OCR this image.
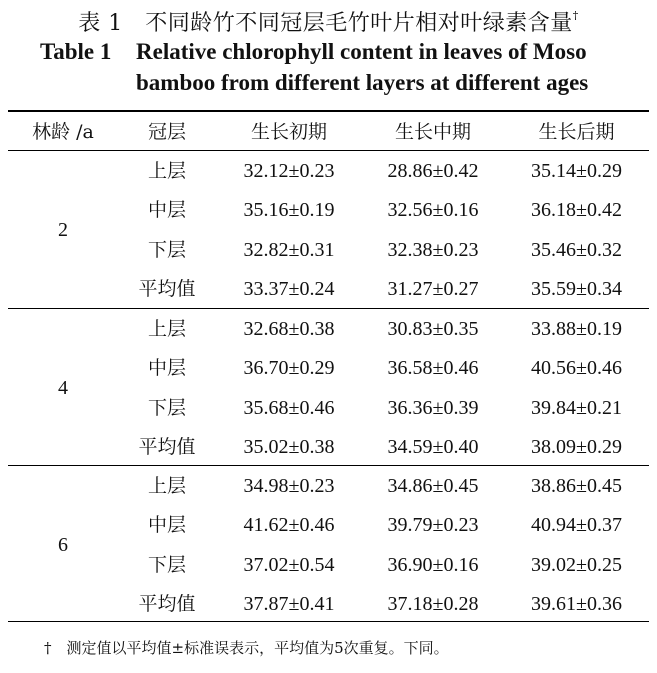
表 1　不同龄竹不同冠层毛竹叶片相对叶绿素含量†
Table 1 Relative chlorophyll content in leaves of Moso
bamboo from different layers at different ages
林龄 /a	冠层	生长初期	生长中期	生长后期
2
上层	32.12±0.23	28.86±0.42	35.14±0.29
中层	35.16±0.19	32.56±0.16	36.18±0.42
下层	32.82±0.31	32.38±0.23	35.46±0.32
平均值	33.37±0.24	31.27±0.27	35.59±0.34
4
上层	32.68±0.38	30.83±0.35	33.88±0.19
中层	36.70±0.29	36.58±0.46	40.56±0.46
下层	35.68±0.46	36.36±0.39	39.84±0.21
平均值	35.02±0.38	34.59±0.40	38.09±0.29
6
上层	34.98±0.23	34.86±0.45	38.86±0.45
中层	41.62±0.46	39.79±0.23	40.94±0.37
下层	37.02±0.54	36.90±0.16	39.02±0.25
平均值	37.87±0.41	37.18±0.28	39.61±0.36
†　测定值以平均值±标准误表示，平均值为5次重复。下同。
